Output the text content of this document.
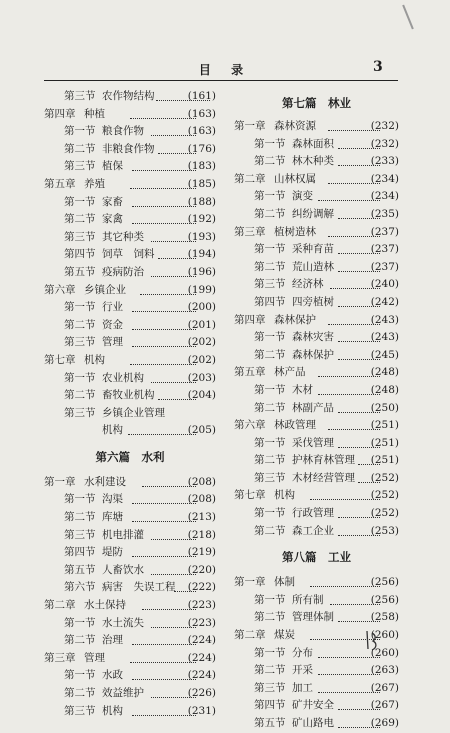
目 录	3
第三节 农作物结构	(161)
第四章 种植	(163)
第一节 粮食作物	(163)
第二节 非粮食作物	(176)
第三节 植保	(183)
第五章 养殖	(185)
第一节 家畜	(188)
第二节 家禽	(192)
第三节 其它种类	(193)
第四节 饲草　饲料	(194)
第五节 疫病防治	(196)
第六章 乡镇企业	(199)
第一节 行业	(200)
第二节 资金	(201)
第三节 管理	(202)
第七章 机构	(202)
第一节 农业机构	(203)
第二节 畜牧业机构	(204)
第三节 乡镇企业管理
机构	(205)
第六篇　水利
第一章 水利建设	(208)
第一节 沟渠	(208)
第二节 库塘	(213)
第三节 机电排灌	(218)
第四节 堤防	(219)
第五节 人畜饮水	(220)
第六节 病害　失误工程 (222)
第二章 水土保持	(223)
第一节 水土流失	(223)
第二节 治理	(224)
第三章 管理	(224)
第一节 水政	(224)
第二节 效益维护	(226)
第三节 机构	(231)
第七篇　林业
第一章 森林资源	(232)
第一节 森林面积	(232)
第二节 林木种类	(233)
第二章 山林权属	(234)
第一节 演变	(234)
第二节 纠纷调解	(235)
第三章 植树造林	(237)
第一节 采种育苗	(237)
第二节 荒山造林	(237)
第三节 经济林	(240)
第四节 四旁植树	(242)
第四章 森林保护	(243)
第一节 森林灾害	(243)
第二节 森林保护	(245)
第五章 林产品	(248)
第一节 木材	(248)
第二节 林副产品	(250)
第六章 林政管理	(251)
第一节 采伐管理	(251)
第二节 护林育林管理 (251)
第三节 木材经营管理 (252)
第七章 机构	(252)
第一节 行政管理	(252)
第二节 森工企业	(253)
第八篇　工业
第一章 体制	(256)
第一节 所有制	(256)
第二节 管理体制	(258)
第二章 煤炭	(260)
第一节 分布	(260)
第二节 开采	(263)
第三节 加工	(267)
第四节 矿井安全	(267)
第五节 矿山路电	(269)
